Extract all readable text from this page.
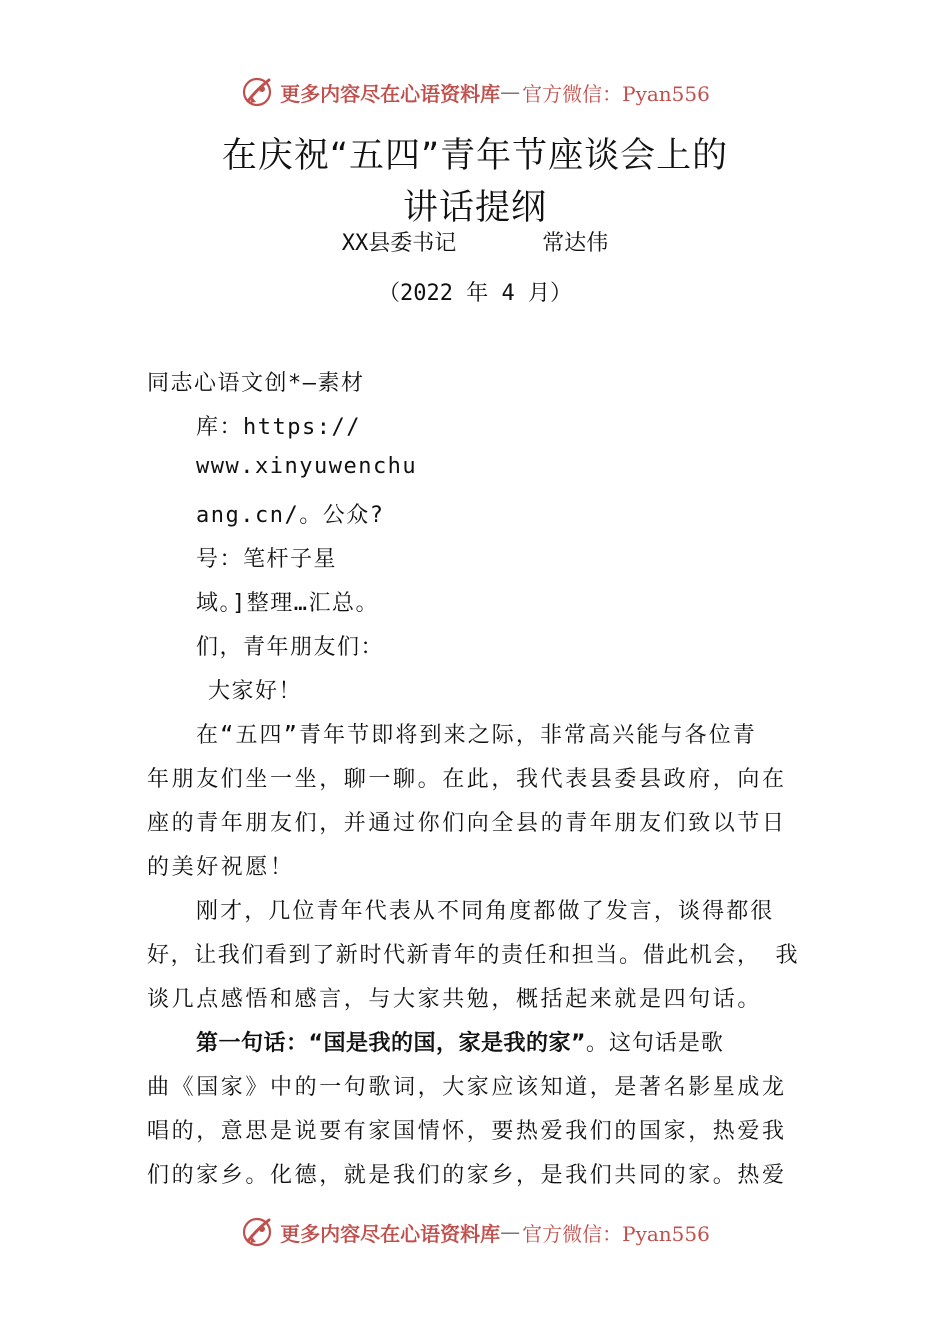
更多内容尽在心语资料库 — 官方微信：Pyan556
在庆祝“五四”青年节座谈会上的
讲话提纲
XX县委书记	常达伟
（2022 年 4 月）
同志心语文创*—素材
库：https://
www.xinyuwenchu
ang.cn/。公众?
号：笔杆子星
域。]整理…汇总。
们，青年朋友们：
大家好！
在“五四”青年节即将到来之际，非常高兴能与各位青
年朋友们坐一坐，聊一聊。在此，我代表县委县政府，向在
座的青年朋友们，并通过你们向全县的青年朋友们致以节日
的美好祝愿！
刚才，几位青年代表从不同角度都做了发言，谈得都很
好，让我们看到了新时代新青年的责任和担当。借此机会， 我
谈几点感悟和感言，与大家共勉，概括起来就是四句话。
第一句话：“国是我的国，家是我的家”。这句话是歌
曲《国家》中的一句歌词，大家应该知道，是著名影星成龙
唱的，意思是说要有家国情怀，要热爱我们的国家，热爱我
们的家乡。化德，就是我们的家乡，是我们共同的家。热爱
更多内容尽在心语资料库 — 官方微信：Pyan556
